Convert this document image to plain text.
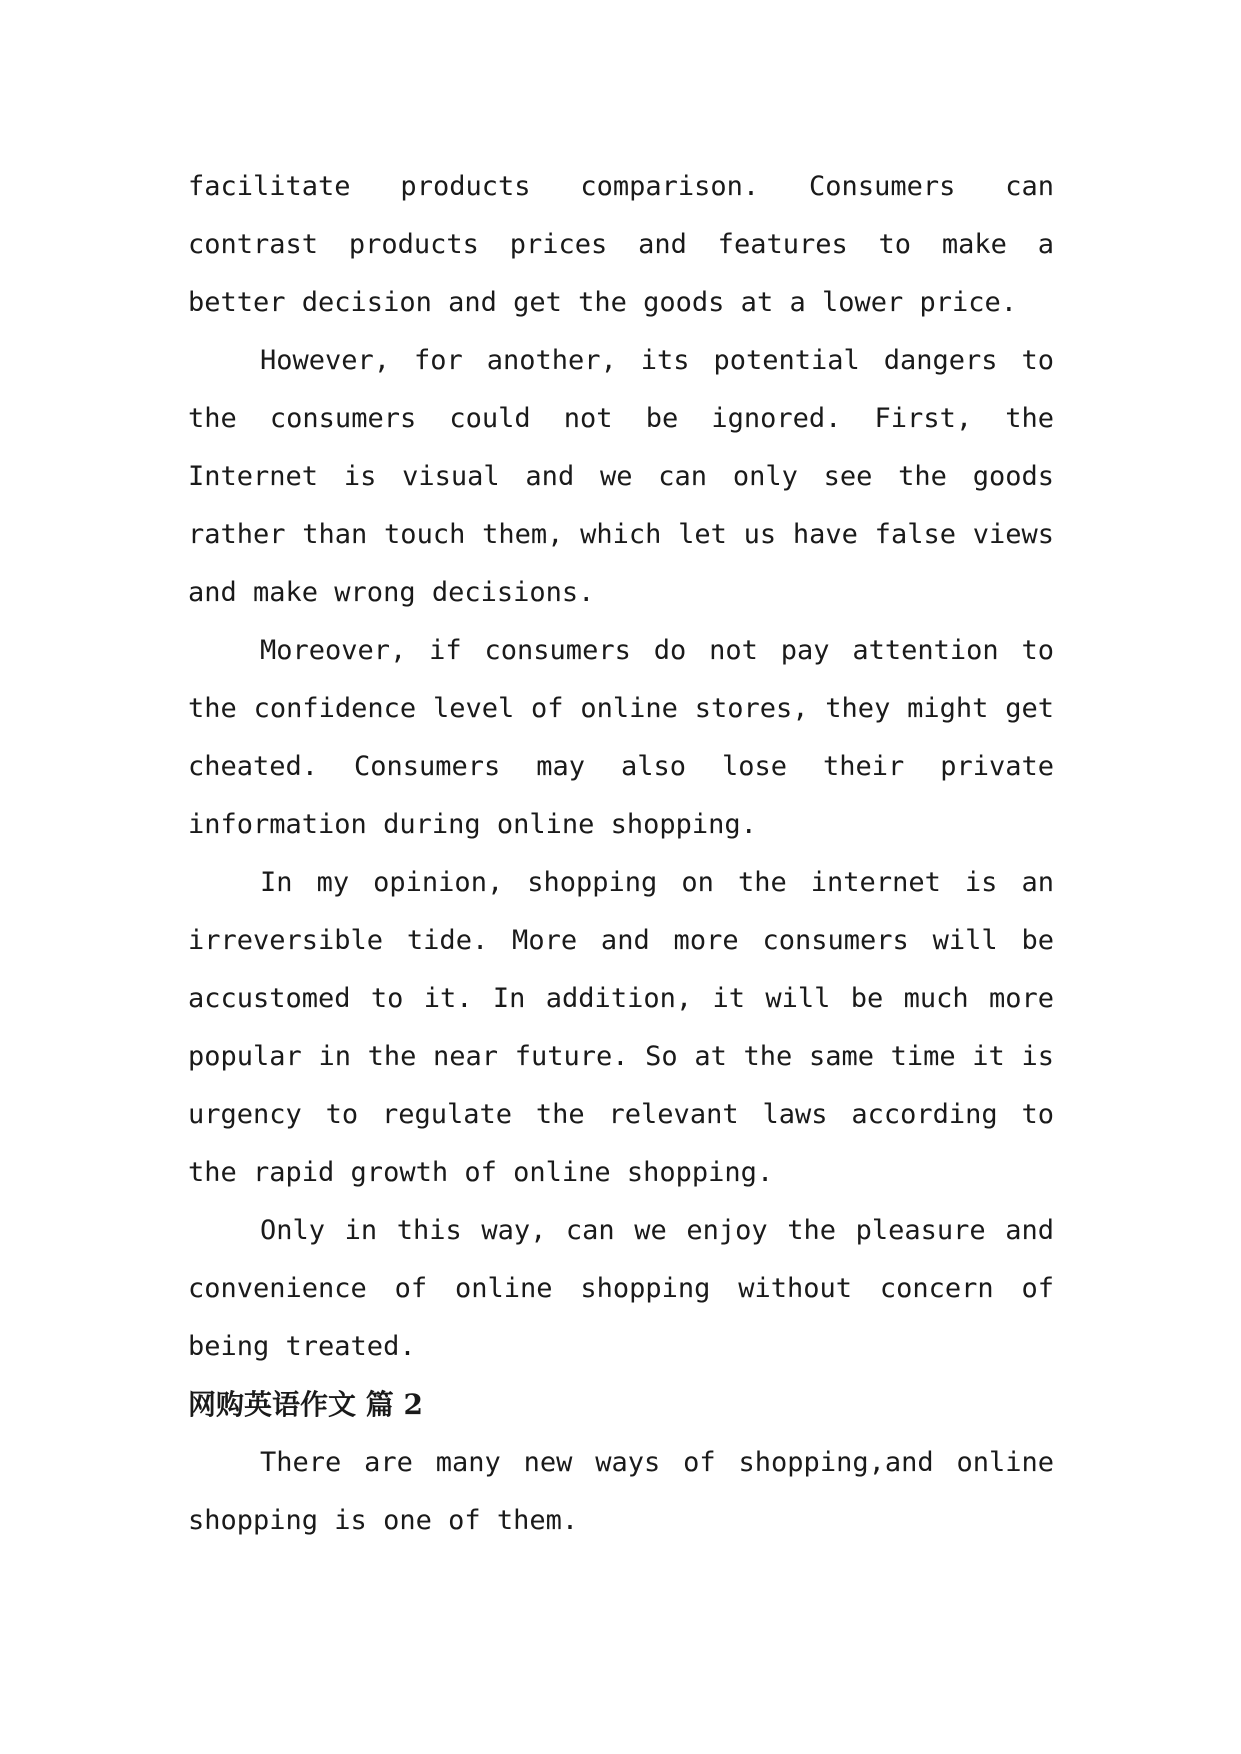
facilitate products comparison. Consumers can contrast products prices and features to make a better decision and get the goods at a lower price.

However, for another, its potential dangers to the consumers could not be ignored. First, the Internet is visual and we can only see the goods rather than touch them, which let us have false views and make wrong decisions.

Moreover, if consumers do not pay attention to the confidence level of online stores, they might get cheated. Consumers may also lose their private information during online shopping.

In my opinion, shopping on the internet is an irreversible tide. More and more consumers will be accustomed to it. In addition, it will be much more popular in the near future. So at the same time it is urgency to regulate the relevant laws according to the rapid growth of online shopping.

Only in this way, can we enjoy the pleasure and convenience of online shopping without concern of being treated.

网购英语作文 篇 2

There are many new ways of shopping,and online shopping is one of them.
